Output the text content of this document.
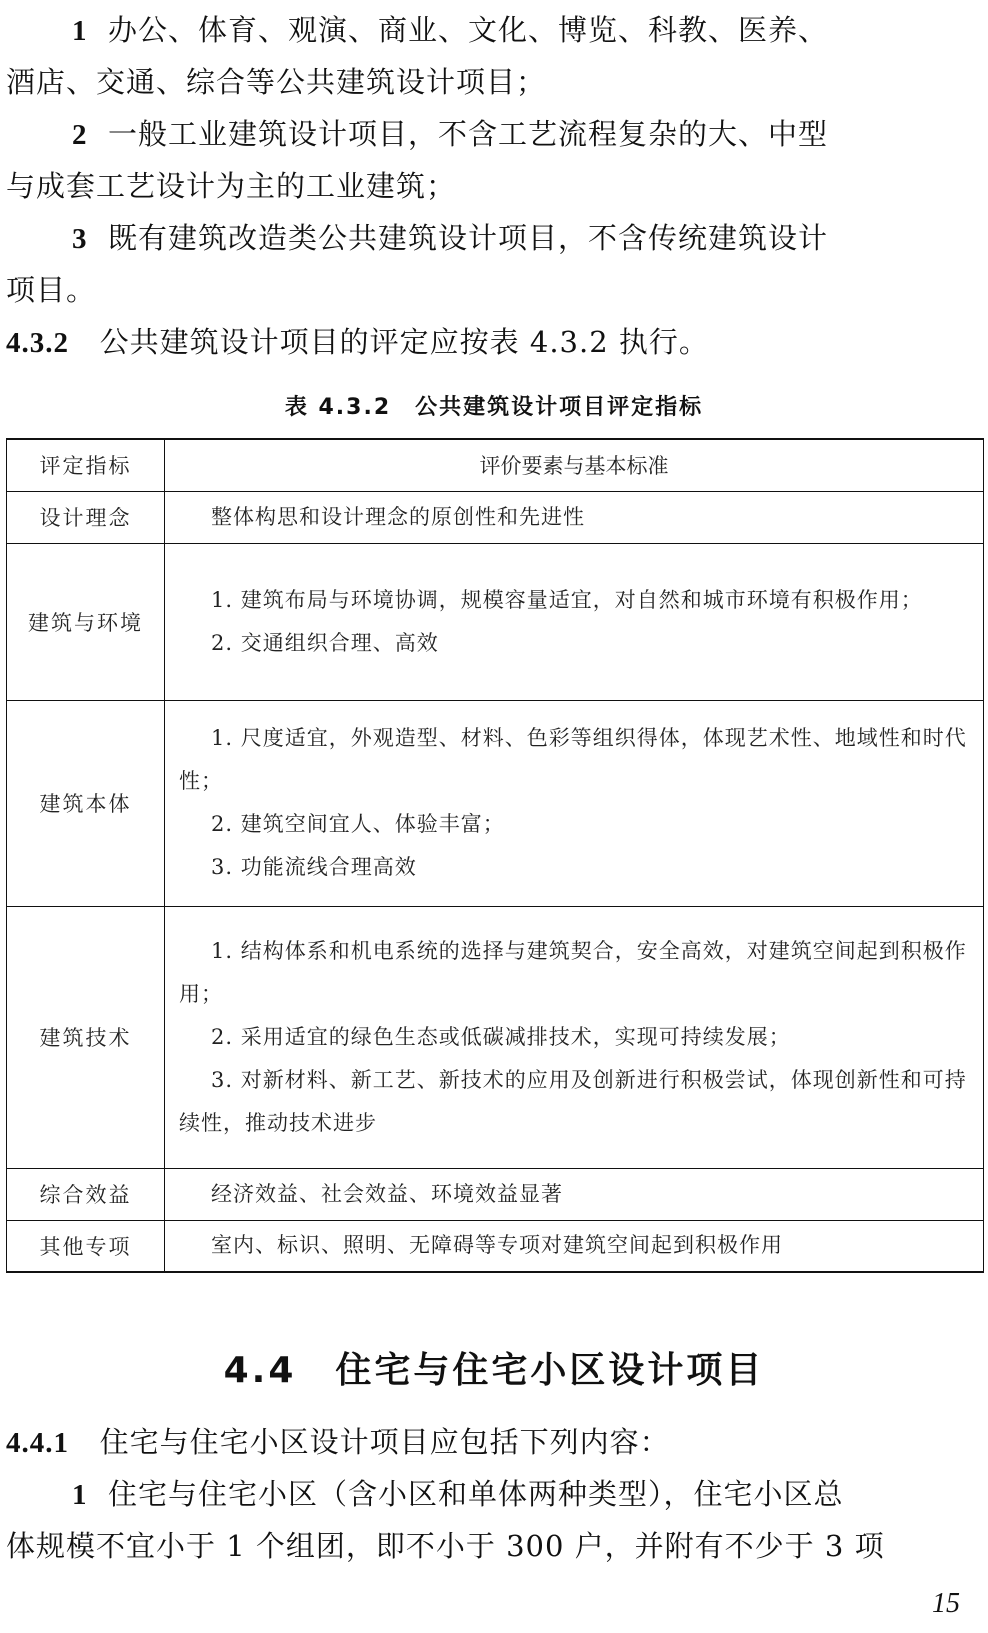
1 办公、体育、观演、商业、文化、博览、科教、医养、
酒店、交通、综合等公共建筑设计项目；
2 一般工业建筑设计项目，不含工艺流程复杂的大、中型
与成套工艺设计为主的工业建筑；
3 既有建筑改造类公共建筑设计项目，不含传统建筑设计
项目。
4.3.2 公共建筑设计项目的评定应按表 4.3.2 执行。
表 4.3.2　公共建筑设计项目评定指标
评定指标	评价要素与基本标准
设计理念	整体构思和设计理念的原创性和先进性

建筑与环境	1. 建筑布局与环境协调，规模容量适宜，对自然和城市环境有积极作用；
2. 交通组织合理、高效

建筑本体	1. 尺度适宜，外观造型、材料、色彩等组织得体，体现艺术性、地域性和时代性；
2. 建筑空间宜人、体验丰富；
3. 功能流线合理高效

建筑技术	1. 结构体系和机电系统的选择与建筑契合，安全高效，对建筑空间起到积极作用；
2. 采用适宜的绿色生态或低碳减排技术，实现可持续发展；
3. 对新材料、新工艺、新技术的应用及创新进行积极尝试，体现创新性和可持续性，推动技术进步

综合效益	经济效益、社会效益、环境效益显著

其他专项	室内、标识、照明、无障碍等专项对建筑空间起到积极作用
4.4　住宅与住宅小区设计项目
4.4.1 住宅与住宅小区设计项目应包括下列内容：
1 住宅与住宅小区（含小区和单体两种类型），住宅小区总
体规模不宜小于 1 个组团，即不小于 300 户，并附有不少于 3 项
15
